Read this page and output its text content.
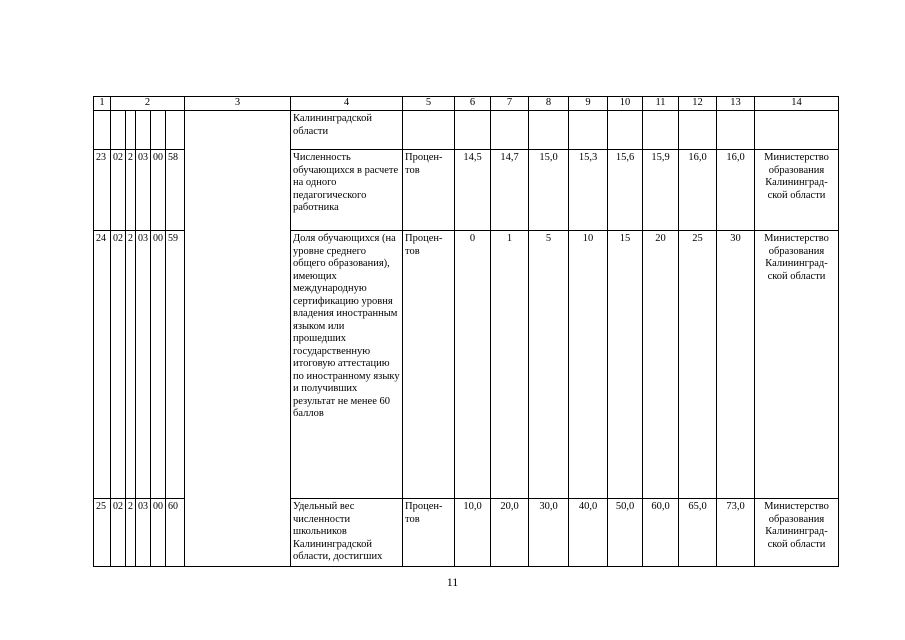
1	2					3	4	5	6	7	8	9	10	11	12	13	14
							Калининградской области										
23	02	2	03	00	58		Численность обучающихся в расчете на одного педагогического работника	Процен-тов	14,5	14,7	15,0	15,3	15,6	15,9	16,0	16,0	Министерство образования Калининград-ской области
24	02	2	03	00	59		Доля обучающихся (на уровне среднего общего образования), имеющих международную сертификацию уровня владения иностранным языком или прошедших государственную итоговую аттестацию по иностранному языку и получивших результат не менее 60 баллов	Процен-тов	0	1	5	10	15	20	25	30	Министерство образования Калининград-ской области
25	02	2	03	00	60		Удельный вес численности школьников Калининградской области, достигших	Процен-тов	10,0	20,0	30,0	40,0	50,0	60,0	65,0	73,0	Министерство образования Калининград-ской области
11
